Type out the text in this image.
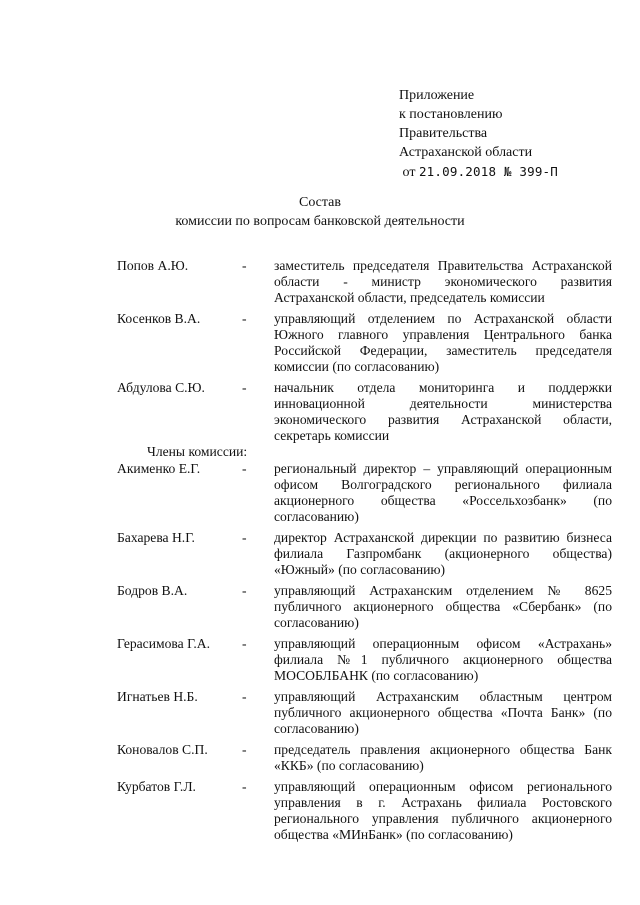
Приложение
к постановлению
Правительства
Астраханской области
от 21.09.2018 № 399-П
Состав
комиссии по вопросам банковской деятельности
Попов А.Ю.	- заместитель председателя Правительства Астраханской области - министр экономического развития Астраханской области, председатель комиссии
Косенков В.А.	- управляющий отделением по Астраханской области Южного главного управления Центрального банка Российской Федерации, заместитель председателя комиссии (по согласованию)
Абдулова С.Ю.	- начальник отдела мониторинга и поддержки инновационной деятельности министерства экономического развития Астраханской области, секретарь комиссии
Члены комиссии:
Акименко Е.Г.	- региональный директор – управляющий операционным офисом Волгоградского регионального филиала акционерного общества «Россельхозбанк» (по согласованию)
Бахарева Н.Г.	- директор Астраханской дирекции по развитию бизнеса филиала Газпромбанк (акционерного общества) «Южный» (по согласованию)
Бодров В.А.	- управляющий Астраханским отделением № 8625 публичного акционерного общества «Сбербанк» (по согласованию)
Герасимова Г.А. - управляющий операционным офисом «Астрахань» филиала №1 публичного акционерного общества МОСОБЛБАНК (по согласованию)
Игнатьев Н.Б.	- управляющий Астраханским областным центром публичного акционерного общества «Почта Банк» (по согласованию)
Коновалов С.П.	- председатель правления акционерного общества Банк «ККБ» (по согласованию)
Курбатов Г.Л.	- управляющий операционным офисом регионального управления в г. Астрахань филиала Ростовского регионального управления публичного акционерного общества «МИнБанк» (по согласованию)
